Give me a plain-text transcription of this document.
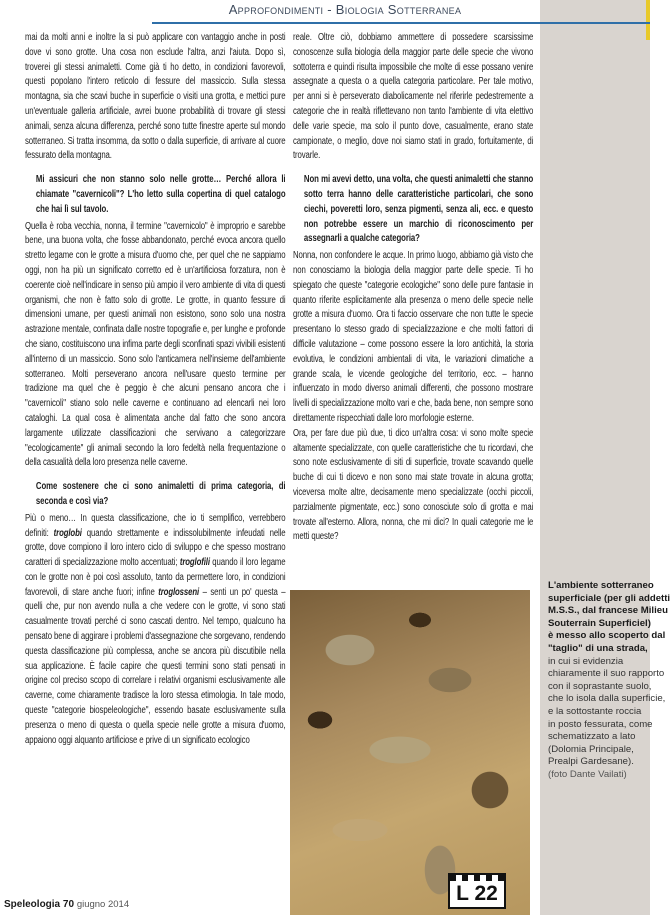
Approfondimenti - Biologia Sotterranea

mai da molti anni e inoltre la si può applicare con vantaggio anche in posti dove vi sono grotte. Una cosa non esclude l'altra, anzi l'aiuta. Dopo sì, troverei gli stessi animaletti. Come già ti ho detto, in condizioni favorevoli, questi popolano l'intero reticolo di fessure del massiccio. Sulla stessa montagna, sia che scavi buche in superficie o visiti una grotta, e mettici pure un'eventuale galleria artificiale, avrei buone probabilità di trovare gli stessi animali, senza alcuna differenza, perché sono tutte finestre aperte sul mondo sotterraneo. Si tratta insomma, da sotto o dalla superficie, di arrivare al cuore fessurato della montagna.

Mi assicuri che non stanno solo nelle grotte… Perché allora li chiamate "cavernicoli"? L'ho letto sulla copertina di quel catalogo che hai lì sul tavolo.

Quella è roba vecchia, nonna, il termine "cavernicolo" è improprio e sarebbe bene, una buona volta, che fosse abbandonato, perché evoca ancora quello stretto legame con le grotte a misura d'uomo che, per quel che ne sappiamo oggi, non ha più un significato corretto ed è un'artificiosa forzatura, non è coerente cioè nell'indicare in senso più ampio il vero ambiente di vita di questi organismi, che non è fatto solo di grotte. Le grotte, in quanto fessure di dimensioni umane, per questi animali non esistono, sono solo una nostra astrazione mentale, confinata dalle nostre topografie e, per lunghe e profonde che siano, costituiscono una infima parte degli sconfinati spazi vivibili esistenti all'interno di un massiccio. Sono solo l'anticamera nell'insieme dell'ambiente sotterraneo. Molti perseverano ancora nell'usare questo termine per tradizione ma quel che è peggio è che alcuni pensano ancora che i "cavernicoli" stiano solo nelle caverne e continuano ad elencarli nei loro cataloghi. La qual cosa è alimentata anche dal fatto che sono ancora largamente utilizzate classificazioni che servivano a categorizzare "ecologicamente" gli animali secondo la loro fedeltà nella frequentazione o della casualità della loro presenza nelle caverne.

Come sostenere che ci sono animaletti di prima categoria, di seconda e così via?

Più o meno… In questa classificazione, che io ti semplifico, verrebbero definiti: troglobi quando strettamente e indissolubilmente infeudati nelle grotte, dove compiono il loro intero ciclo di sviluppo e che spesso mostrano caratteri di specializzazione molto accentuati; troglofili quando il loro legame con le grotte non è poi così assoluto, tanto da permettere loro, in condizioni favorevoli, di stare anche fuori; infine troglosseni – senti un po' questa – quelli che, pur non avendo nulla a che vedere con le grotte, vi sono stati casualmente trovati perché ci sono cascati dentro. Nel tempo, qualcuno ha pensato bene di aggirare i problemi d'assegnazione che sorgevano, rendendo questa classificazione più complessa, anche se ancora più discutibile nella sua applicazione. È facile capire che questi termini sono stati pensati in origine col preciso scopo di correlare i relativi organismi esclusivamente alle caverne, come chiaramente tradisce la loro stessa etimologia. In tale modo, queste "categorie biospeleologiche", essendo basate esclusivamente sulla presenza o meno di questa o quella specie nelle grotte a misura d'uomo, appaiono oggi alquanto artificiose e prive di un significato ecologico

reale. Oltre ciò, dobbiamo ammettere di possedere scarsissime conoscenze sulla biologia della maggior parte delle specie che vivono sottoterra e quindi risulta impossibile che molte di esse possano venire assegnate a questa o a quella categoria particolare. Per tale motivo, per anni si è perseverato diabolicamente nel riferirle pedestremente a categorie che in realtà riflettevano non tanto l'ambiente di vita elettivo delle varie specie, ma solo il punto dove, casualmente, erano state campionate, o meglio, dove noi siamo stati in grado, fortuitamente, di trovarle.

Non mi avevi detto, una volta, che questi animaletti che stanno sotto terra hanno delle caratteristiche particolari, che sono ciechi, poveretti loro, senza pigmenti, senza ali, ecc. e questo non potrebbe essere un marchio di riconoscimento per assegnarli a qualche categoria?

Nonna, non confondere le acque. In primo luogo, abbiamo già visto che non conosciamo la biologia della maggior parte delle specie. Ti ho spiegato che queste "categorie ecologiche" sono delle pure fantasie in quanto riferite esplicitamente alla presenza o meno delle specie nelle grotte a misura d'uomo. Ora ti faccio osservare che non tutte le specie presentano lo stesso grado di specializzazione e che molti fattori di difficile valutazione – come possono essere la loro antichità, la storia evolutiva, le condizioni ambientali di vita, le variazioni climatiche a grande scala, le vicende geologiche del territorio, ecc. – hanno influenzato in modo diverso animali differenti, che possono mostrare livelli di specializzazione molto vari e che, bada bene, non sempre sono direttamente rispecchiati dalle loro morfologie esterne.

Ora, per fare due più due, ti dico un'altra cosa: vi sono molte specie altamente specializzate, con quelle caratteristiche che tu ricordavi, che sono note esclusivamente di siti di superficie, trovate scavando quelle buche di cui ti dicevo e non sono mai state trovate in alcuna grotta; viceversa molte altre, decisamente meno specializzate (occhi piccoli, parzialmente pigmentate, ecc.) sono conosciute solo di grotta e mai trovate all'esterno. Allora, nonna, che mi dici? In quali categorie me le metti queste?

L 22
L'ambiente sotterraneo
superficiale (per gli addetti
M.S.S., dal francese Milieu
Souterrain Superficiel)
è messo allo scoperto dal
"taglio" di una strada,
in cui si evidenzia
chiaramente il suo rapporto
con il soprastante suolo,
che lo isola dalla superficie,
e la sottostante roccia
in posto fessurata, come
schematizzato a lato
(Dolomia Principale,
Prealpi Gardesane).
(foto Dante Vailati)
Speleologia 70 giugno 2014
